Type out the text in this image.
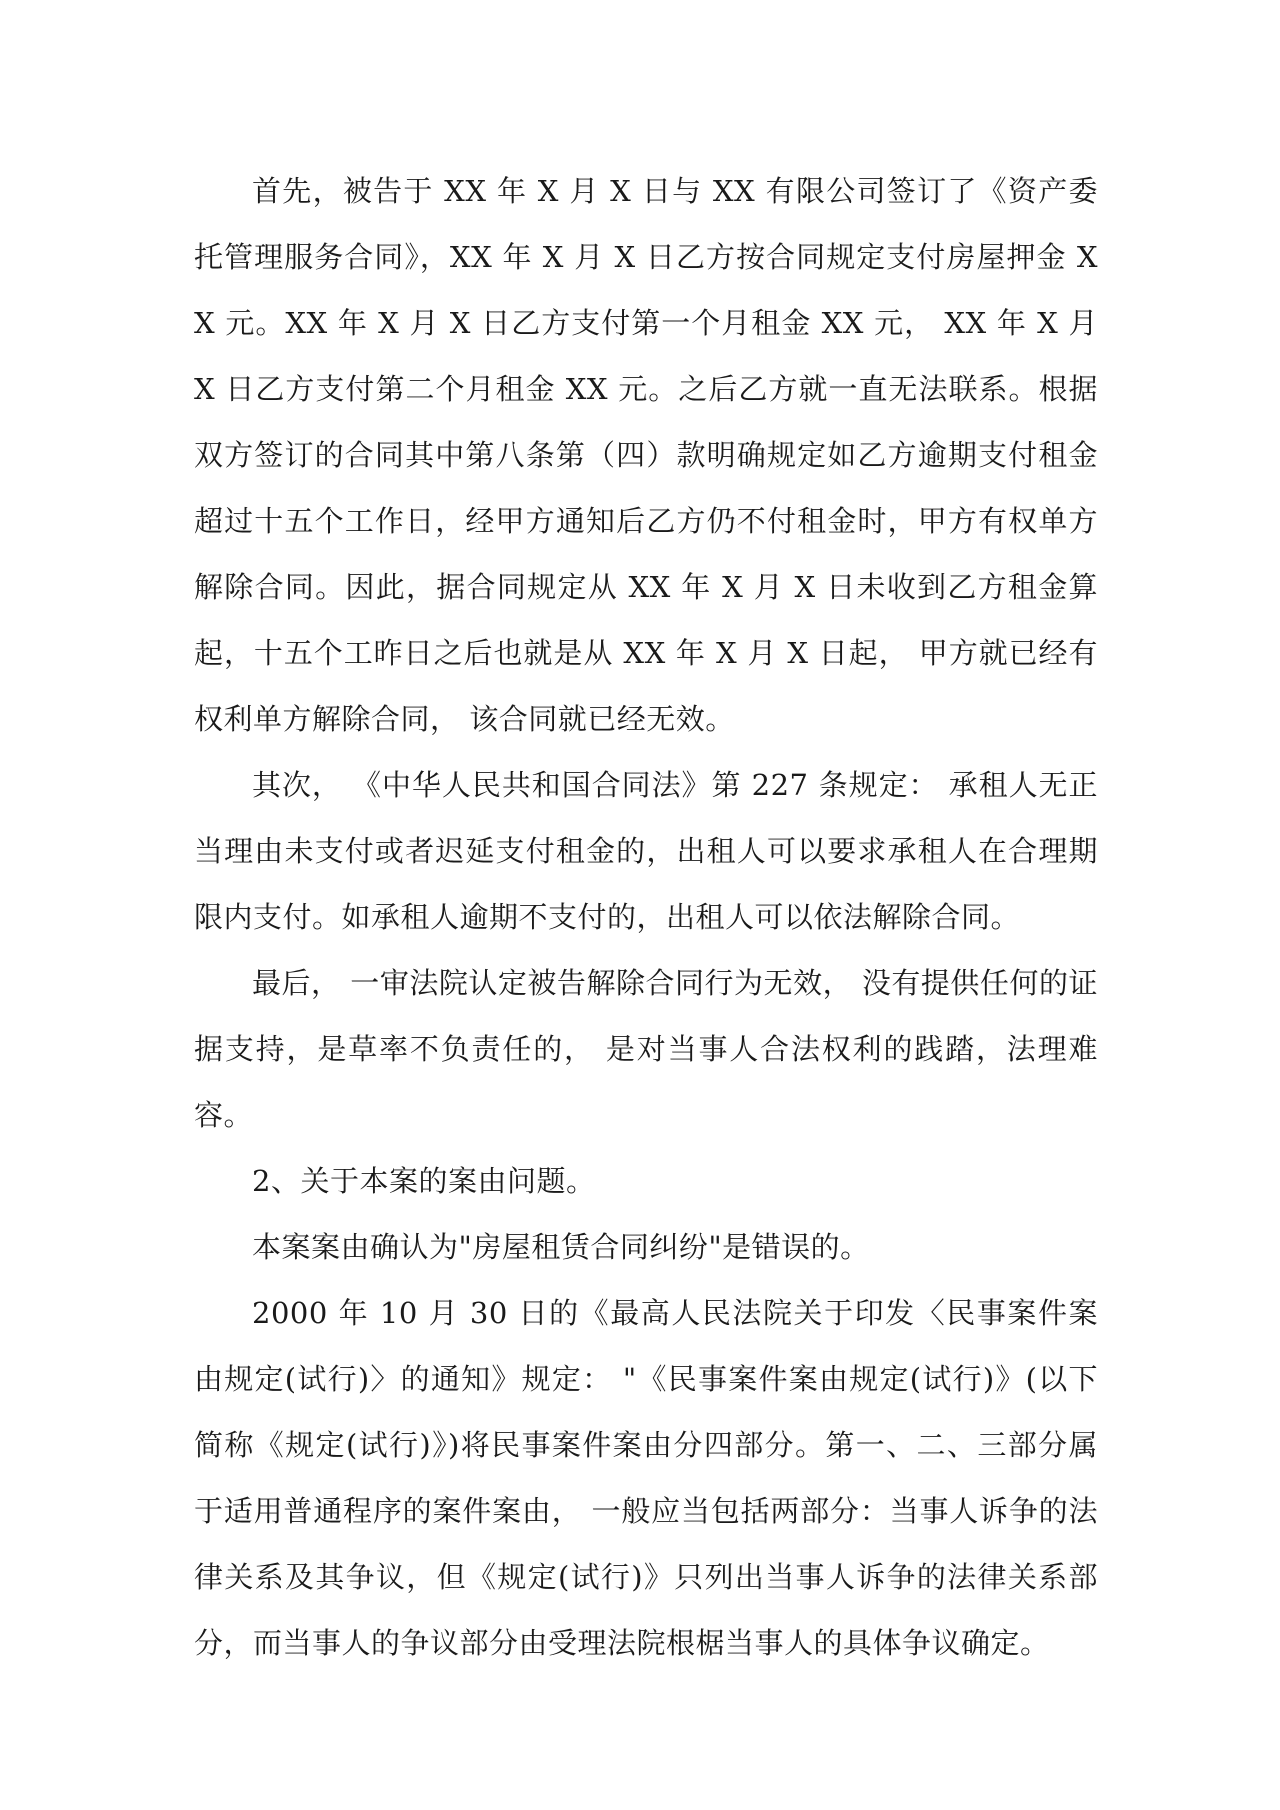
首先，被告于 XX 年 X 月 X 日与 XX 有限公司签订了《资产委托管理服务合同》，XX 年 X 月 X 日乙方按合同规定支付房屋押金 XX 元。XX 年 X 月 X 日乙方支付第一个月租金 XX 元， XX 年 X 月 X 日乙方支付第二个月租金 XX 元。之后乙方就一直无法联系。根据双方签订的合同其中第八条第（四）款明确规定如乙方逾期支付租金超过十五个工作日，经甲方通知后乙方仍不付租金时，甲方有权单方解除合同。因此，据合同规定从 XX 年 X 月 X 日未收到乙方租金算起，十五个工昨日之后也就是从 XX 年 X 月 X 日起， 甲方就已经有权利单方解除合同， 该合同就已经无效。

其次， 《中华人民共和国合同法》第 227 条规定： 承租人无正当理由未支付或者迟延支付租金的，出租人可以要求承租人在合理期限内支付。如承租人逾期不支付的，出租人可以依法解除合同。

最后， 一审法院认定被告解除合同行为无效， 没有提供任何的证据支持，是草率不负责任的， 是对当事人合法权利的践踏，法理难容。

2、关于本案的案由问题。

本案案由确认为"房屋租赁合同纠纷"是错误的。

2000 年 10 月 30 日的《最高人民法院关于印发〈民事案件案由规定(试行)〉的通知》规定： "《民事案件案由规定(试行)》(以下简称《规定(试行)》)将民事案件案由分四部分。第一、二、三部分属于适用普通程序的案件案由， 一般应当包括两部分：当事人诉争的法律关系及其争议，但《规定(试行)》只列出当事人诉争的法律关系部分，而当事人的争议部分由受理法院根椐当事人的具体争议确定。
